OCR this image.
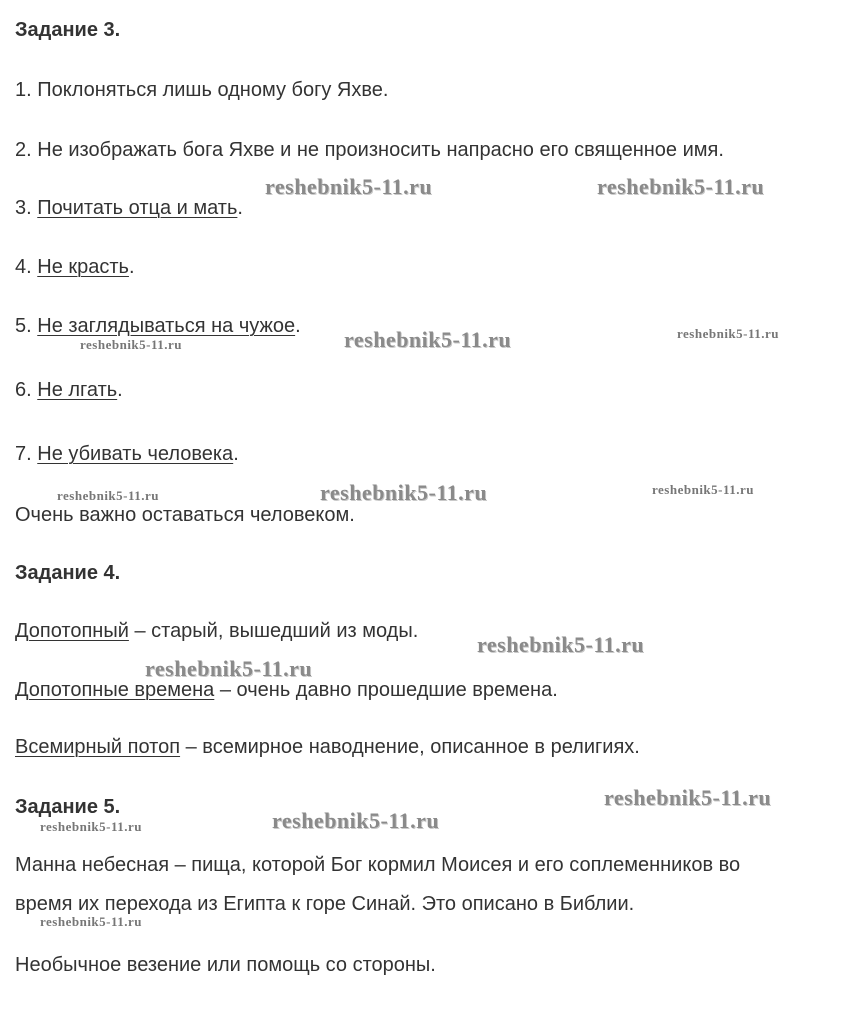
Задание 3.
1. Поклоняться лишь одному богу Яхве.
2. Не изображать бога Яхве и не произносить напрасно его священное имя.
3. Почитать отца и мать.
4. Не красть.
5. Не заглядываться на чужое.
6. Не лгать.
7. Не убивать человека.
Очень важно оставаться человеком.
Задание 4.
Допотопный – старый, вышедший из моды.
Допотопные времена – очень давно прошедшие времена.
Всемирный потоп – всемирное наводнение, описанное в религиях.
Задание 5.
Манна небесная – пища, которой Бог кормил Моисея и его соплеменников во
время их перехода из Египта к горе Синай. Это описано в Библии.
Необычное везение или помощь со стороны.
reshebnik5-11.ru	reshebnik5-11.ru
reshebnik5-11.ru	reshebnik5-11.ru	reshebnik5-11.ru
reshebnik5-11.ru	reshebnik5-11.ru	reshebnik5-11.ru
reshebnik5-11.ru
reshebnik5-11.ru
reshebnik5-11.ru
reshebnik5-11.ru	reshebnik5-11.ru
reshebnik5-11.ru
